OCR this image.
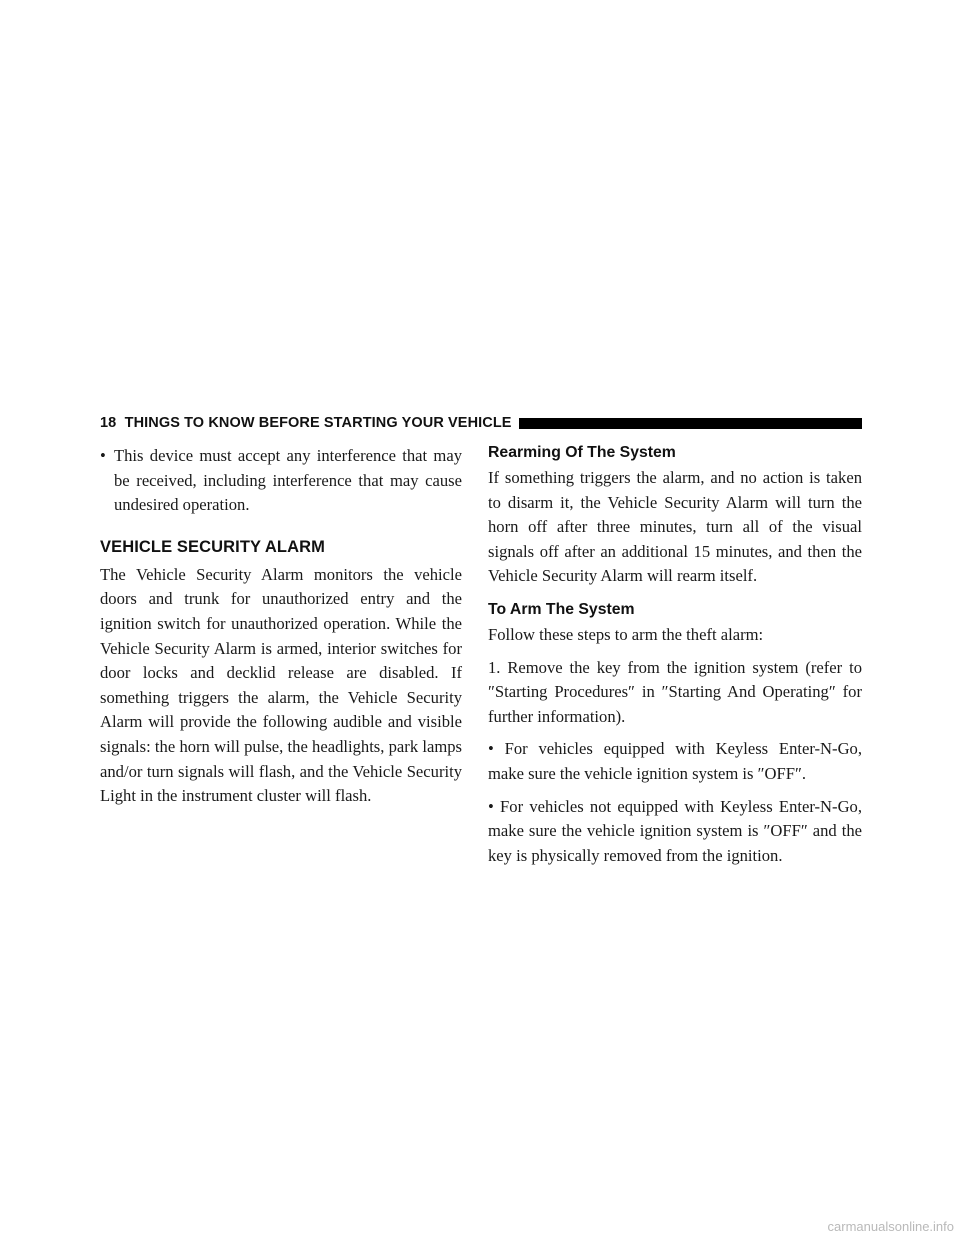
18 THINGS TO KNOW BEFORE STARTING YOUR VEHICLE
• This device must accept any interference that may be received, including interference that may cause undesired operation.
VEHICLE SECURITY ALARM

The Vehicle Security Alarm monitors the vehicle doors and trunk for unauthorized entry and the ignition switch for unauthorized operation. While the Vehicle Security Alarm is armed, interior switches for door locks and decklid release are disabled. If something triggers the alarm, the Vehicle Security Alarm will provide the following audible and visible signals: the horn will pulse, the headlights, park lamps and/or turn signals will flash, and the Vehicle Security Light in the instrument cluster will flash.

Rearming Of The System

If something triggers the alarm, and no action is taken to disarm it, the Vehicle Security Alarm will turn the horn off after three minutes, turn all of the visual signals off after an additional 15 minutes, and then the Vehicle Security Alarm will rearm itself.

To Arm The System

Follow these steps to arm the theft alarm:

1. Remove the key from the ignition system (refer to ″Starting Procedures″ in ″Starting And Operating″ for further information).

• For vehicles equipped with Keyless Enter-N-Go, make sure the vehicle ignition system is ″OFF″.

• For vehicles not equipped with Keyless Enter-N-Go, make sure the vehicle ignition system is ″OFF″ and the key is physically removed from the ignition.

carmanualsonline.info
